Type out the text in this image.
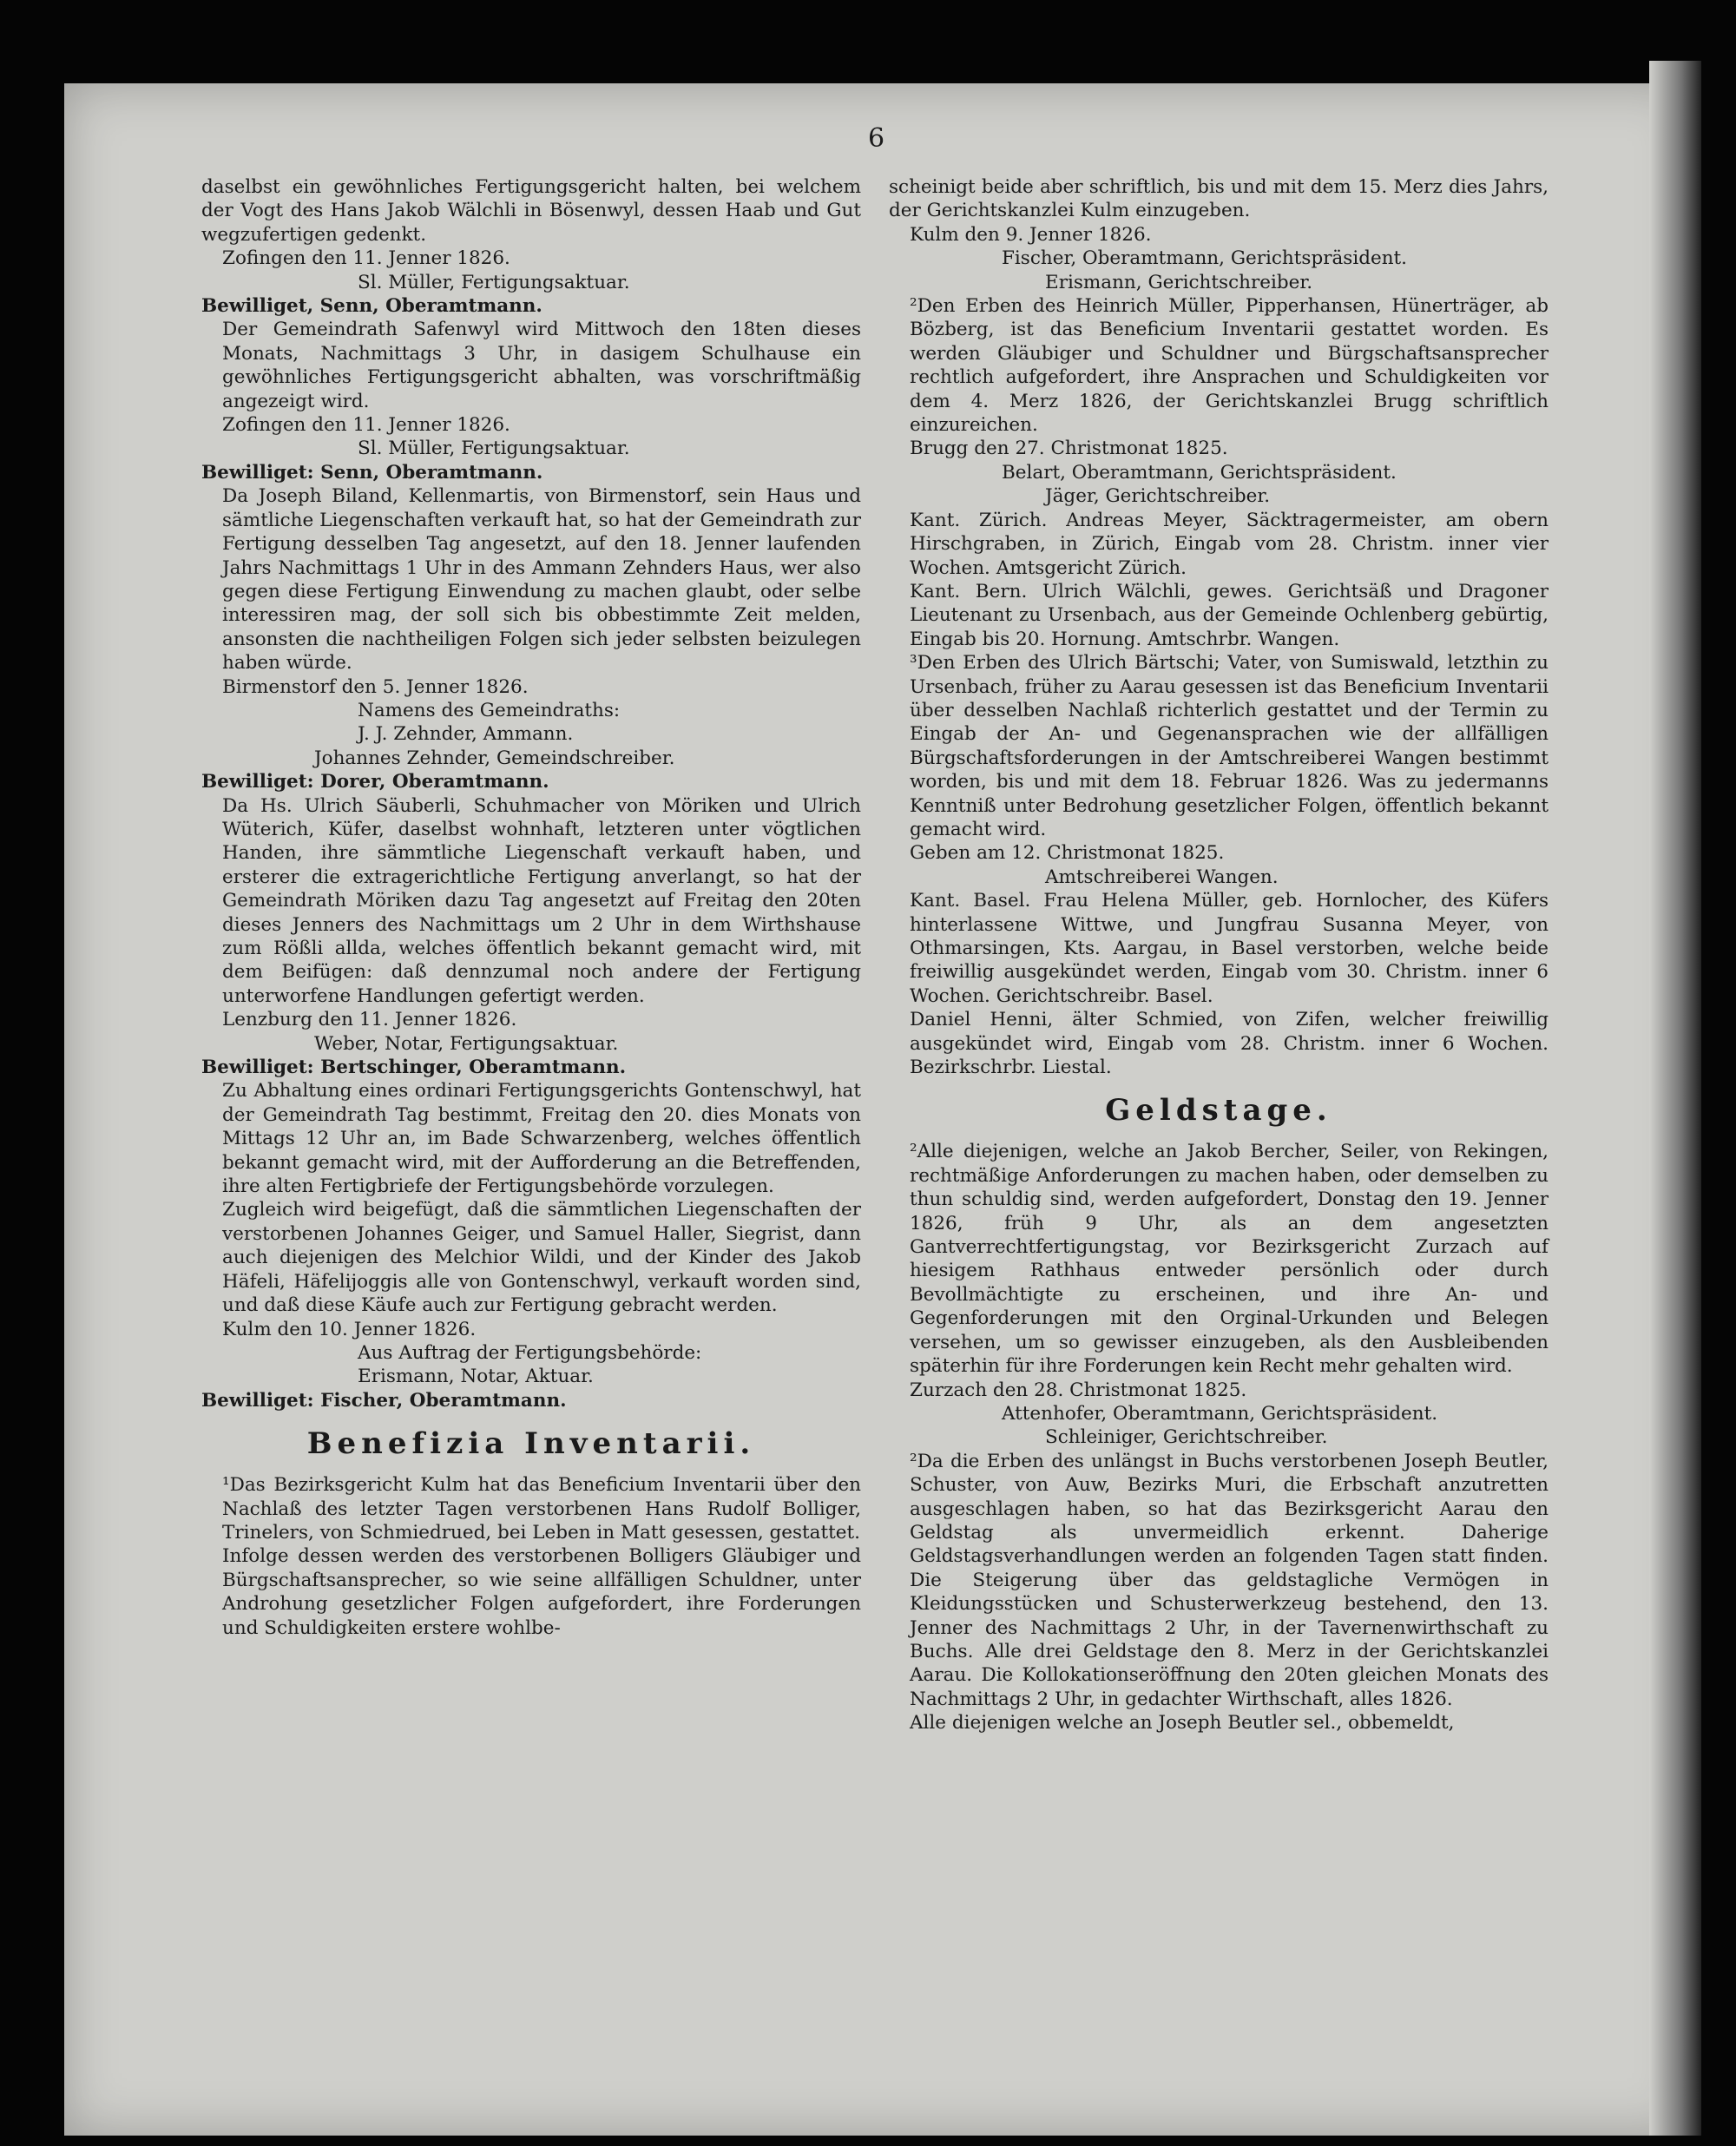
6

daselbst ein gewöhnliches Fertigungsgericht halten, bei welchem der Vogt des Hans Jakob Wälchli in Bösenwyl, dessen Haab und Gut wegzufertigen gedenkt.

Zofingen den 11. Jenner 1826.

Sl. Müller, Fertigungsaktuar.

Bewilliget, Senn, Oberamtmann.

Der Gemeindrath Safenwyl wird Mittwoch den 18ten dieses Monats, Nachmittags 3 Uhr, in dasigem Schulhause ein gewöhnliches Fertigungsgericht abhalten, was vorschriftmäßig angezeigt wird.

Zofingen den 11. Jenner 1826.

Sl. Müller, Fertigungsaktuar.

Bewilliget: Senn, Oberamtmann.

Da Joseph Biland, Kellenmartis, von Birmenstorf, sein Haus und sämtliche Liegenschaften verkauft hat, so hat der Gemeindrath zur Fertigung desselben Tag angesetzt, auf den 18. Jenner laufenden Jahrs Nachmittags 1 Uhr in des Ammann Zehnders Haus, wer also gegen diese Fertigung Einwendung zu machen glaubt, oder selbe interessiren mag, der soll sich bis obbestimmte Zeit melden, ansonsten die nachtheiligen Folgen sich jeder selbsten beizulegen haben würde.

Birmenstorf den 5. Jenner 1826.

Namens des Gemeindraths:

J. J. Zehnder, Ammann.

Johannes Zehnder, Gemeindschreiber.

Bewilliget: Dorer, Oberamtmann.

Da Hs. Ulrich Säuberli, Schuhmacher von Möriken und Ulrich Wüterich, Küfer, daselbst wohnhaft, letzteren unter vögtlichen Handen, ihre sämmtliche Liegenschaft verkauft haben, und ersterer die extragerichtliche Fertigung anverlangt, so hat der Gemeindrath Möriken dazu Tag angesetzt auf Freitag den 20ten dieses Jenners des Nachmittags um 2 Uhr in dem Wirthshause zum Rößli allda, welches öffentlich bekannt gemacht wird, mit dem Beifügen: daß dennzumal noch andere der Fertigung unterworfene Handlungen gefertigt werden.

Lenzburg den 11. Jenner 1826.

Weber, Notar, Fertigungsaktuar.

Bewilliget: Bertschinger, Oberamtmann.

Zu Abhaltung eines ordinari Fertigungsgerichts Gontenschwyl, hat der Gemeindrath Tag bestimmt, Freitag den 20. dies Monats von Mittags 12 Uhr an, im Bade Schwarzenberg, welches öffentlich bekannt gemacht wird, mit der Aufforderung an die Betreffenden, ihre alten Fertigbriefe der Fertigungsbehörde vorzulegen.

Zugleich wird beigefügt, daß die sämmtlichen Liegenschaften der verstorbenen Johannes Geiger, und Samuel Haller, Siegrist, dann auch diejenigen des Melchior Wildi, und der Kinder des Jakob Häfeli, Häfelijoggis alle von Gontenschwyl, verkauft worden sind, und daß diese Käufe auch zur Fertigung gebracht werden.

Kulm den 10. Jenner 1826.

Aus Auftrag der Fertigungsbehörde:

Erismann, Notar, Aktuar.

Bewilliget: Fischer, Oberamtmann.

Benefizia Inventarii.

¹Das Bezirksgericht Kulm hat das Beneficium Inventarii über den Nachlaß des letzter Tagen verstorbenen Hans Rudolf Bolliger, Trinelers, von Schmiedrued, bei Leben in Matt gesessen, gestattet.

Infolge dessen werden des verstorbenen Bolligers Gläubiger und Bürgschaftsansprecher, so wie seine allfälligen Schuldner, unter Androhung gesetzlicher Folgen aufgefordert, ihre Forderungen und Schuldigkeiten erstere wohlbe-

scheinigt beide aber schriftlich, bis und mit dem 15. Merz dies Jahrs, der Gerichtskanzlei Kulm einzugeben.

Kulm den 9. Jenner 1826.

Fischer, Oberamtmann, Gerichtspräsident.

Erismann, Gerichtschreiber.

²Den Erben des Heinrich Müller, Pipperhansen, Hünerträger, ab Bözberg, ist das Beneficium Inventarii gestattet worden. Es werden Gläubiger und Schuldner und Bürgschaftsansprecher rechtlich aufgefordert, ihre Ansprachen und Schuldigkeiten vor dem 4. Merz 1826, der Gerichtskanzlei Brugg schriftlich einzureichen.

Brugg den 27. Christmonat 1825.

Belart, Oberamtmann, Gerichtspräsident.

Jäger, Gerichtschreiber.

Kant. Zürich. Andreas Meyer, Säcktragermeister, am obern Hirschgraben, in Zürich, Eingab vom 28. Christm. inner vier Wochen. Amtsgericht Zürich.

Kant. Bern. Ulrich Wälchli, gewes. Gerichtsäß und Dragoner Lieutenant zu Ursenbach, aus der Gemeinde Ochlenberg gebürtig, Eingab bis 20. Hornung. Amtschrbr. Wangen.

³Den Erben des Ulrich Bärtschi; Vater, von Sumiswald, letzthin zu Ursenbach, früher zu Aarau gesessen ist das Beneficium Inventarii über desselben Nachlaß richterlich gestattet und der Termin zu Eingab der An- und Gegenansprachen wie der allfälligen Bürgschaftsforderungen in der Amtschreiberei Wangen bestimmt worden, bis und mit dem 18. Februar 1826. Was zu jedermanns Kenntniß unter Bedrohung gesetzlicher Folgen, öffentlich bekannt gemacht wird.

Geben am 12. Christmonat 1825.

Amtschreiberei Wangen.

Kant. Basel. Frau Helena Müller, geb. Hornlocher, des Küfers hinterlassene Wittwe, und Jungfrau Susanna Meyer, von Othmarsingen, Kts. Aargau, in Basel verstorben, welche beide freiwillig ausgekündet werden, Eingab vom 30. Christm. inner 6 Wochen. Gerichtschreibr. Basel.

Daniel Henni, älter Schmied, von Zifen, welcher freiwillig ausgekündet wird, Eingab vom 28. Christm. inner 6 Wochen. Bezirkschrbr. Liestal.

Geldstage.

²Alle diejenigen, welche an Jakob Bercher, Seiler, von Rekingen, rechtmäßige Anforderungen zu machen haben, oder demselben zu thun schuldig sind, werden aufgefordert, Donstag den 19. Jenner 1826, früh 9 Uhr, als an dem angesetzten Gantverrechtfertigungstag, vor Bezirksgericht Zurzach auf hiesigem Rathhaus entweder persönlich oder durch Bevollmächtigte zu erscheinen, und ihre An- und Gegenforderungen mit den Orginal-Urkunden und Belegen versehen, um so gewisser einzugeben, als den Ausbleibenden späterhin für ihre Forderungen kein Recht mehr gehalten wird.

Zurzach den 28. Christmonat 1825.

Attenhofer, Oberamtmann, Gerichtspräsident.

Schleiniger, Gerichtschreiber.

²Da die Erben des unlängst in Buchs verstorbenen Joseph Beutler, Schuster, von Auw, Bezirks Muri, die Erbschaft anzutretten ausgeschlagen haben, so hat das Bezirksgericht Aarau den Geldstag als unvermeidlich erkennt. Daherige Geldstagsverhandlungen werden an folgenden Tagen statt finden. Die Steigerung über das geldstagliche Vermögen in Kleidungsstücken und Schusterwerkzeug bestehend, den 13. Jenner des Nachmittags 2 Uhr, in der Tavernenwirthschaft zu Buchs. Alle drei Geldstage den 8. Merz in der Gerichtskanzlei Aarau. Die Kollokationseröffnung den 20ten gleichen Monats des Nachmittags 2 Uhr, in gedachter Wirthschaft, alles 1826.

Alle diejenigen welche an Joseph Beutler sel., obbemeldt,
